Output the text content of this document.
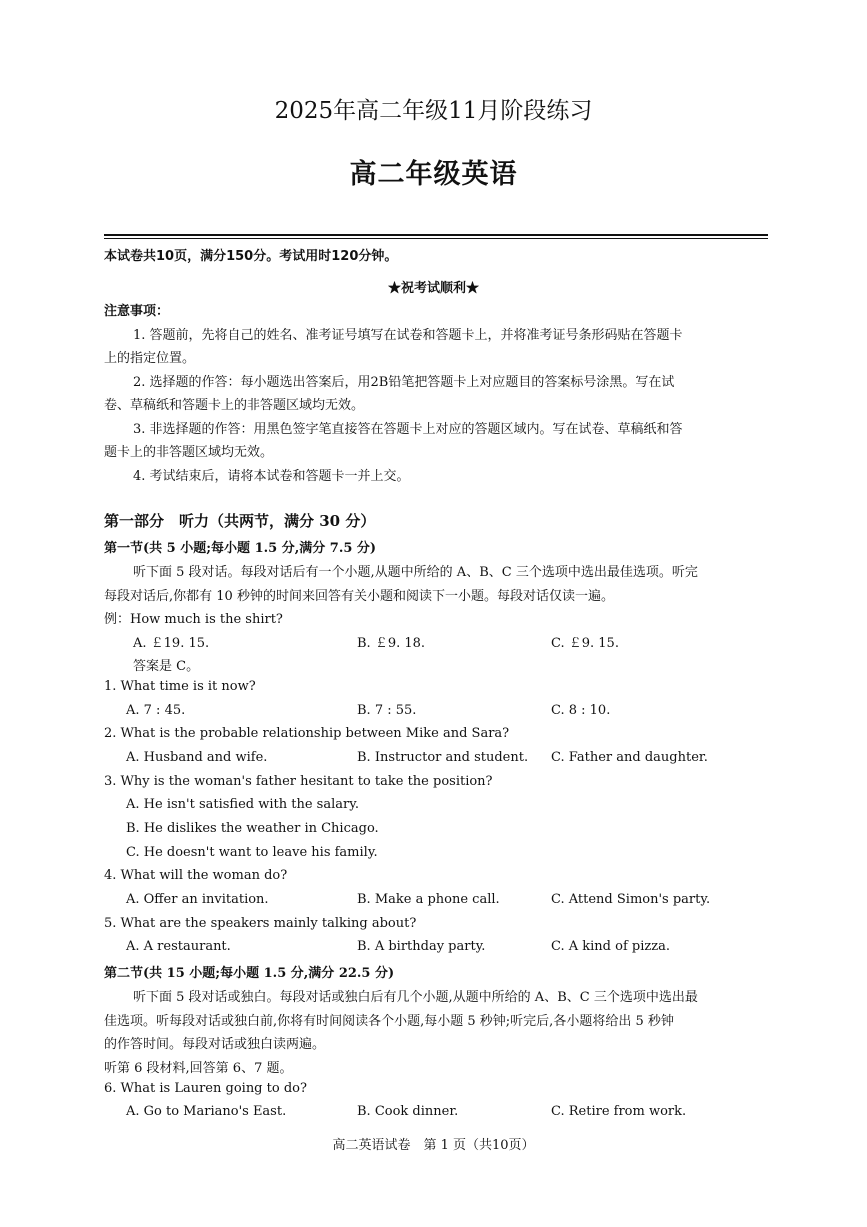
2025年高二年级11月阶段练习
高二年级英语
本试卷共10页，满分150分。考试用时120分钟。
★祝考试顺利★
注意事项：
1. 答题前，先将自己的姓名、准考证号填写在试卷和答题卡上，并将准考证号条形码贴在答题卡
上的指定位置。
2. 选择题的作答：每小题选出答案后，用2B铅笔把答题卡上对应题目的答案标号涂黑。写在试
卷、草稿纸和答题卡上的非答题区域均无效。
3. 非选择题的作答：用黑色签字笔直接答在答题卡上对应的答题区域内。写在试卷、草稿纸和答
题卡上的非答题区域均无效。
4. 考试结束后，请将本试卷和答题卡一并上交。
第一部分　听力（共两节，满分 30 分）
第一节(共 5 小题;每小题 1.5 分,满分 7.5 分)
听下面 5 段对话。每段对话后有一个小题,从题中所给的 A、B、C 三个选项中选出最佳选项。听完
每段对话后,你都有 10 秒钟的时间来回答有关小题和阅读下一小题。每段对话仅读一遍。
例：How much is the shirt?
A. ￡19. 15.	B. ￡9. 18.	C. ￡9. 15.
答案是 C。
1. What time is it now?
A. 7 : 45.	B. 7 : 55.	C. 8 : 10.
2. What is the probable relationship between Mike and Sara?
A. Husband and wife.	B. Instructor and student. C. Father and daughter.
3. Why is the woman's father hesitant to take the position?
A. He isn't satisfied with the salary.
B. He dislikes the weather in Chicago.
C. He doesn't want to leave his family.
4. What will the woman do?
A. Offer an invitation.	B. Make a phone call.	C. Attend Simon's party.
5. What are the speakers mainly talking about?
A. A restaurant.	B. A birthday party.	C. A kind of pizza.
第二节(共 15 小题;每小题 1.5 分,满分 22.5 分)
听下面 5 段对话或独白。每段对话或独白后有几个小题,从题中所给的 A、B、C 三个选项中选出最
佳选项。听每段对话或独白前,你将有时间阅读各个小题,每小题 5 秒钟;听完后,各小题将给出 5 秒钟
的作答时间。每段对话或独白读两遍。
听第 6 段材料,回答第 6、7 题。
6. What is Lauren going to do?
A. Go to Mariano's East.	B. Cook dinner.	C. Retire from work.
高二英语试卷　第 1 页（共10页）
